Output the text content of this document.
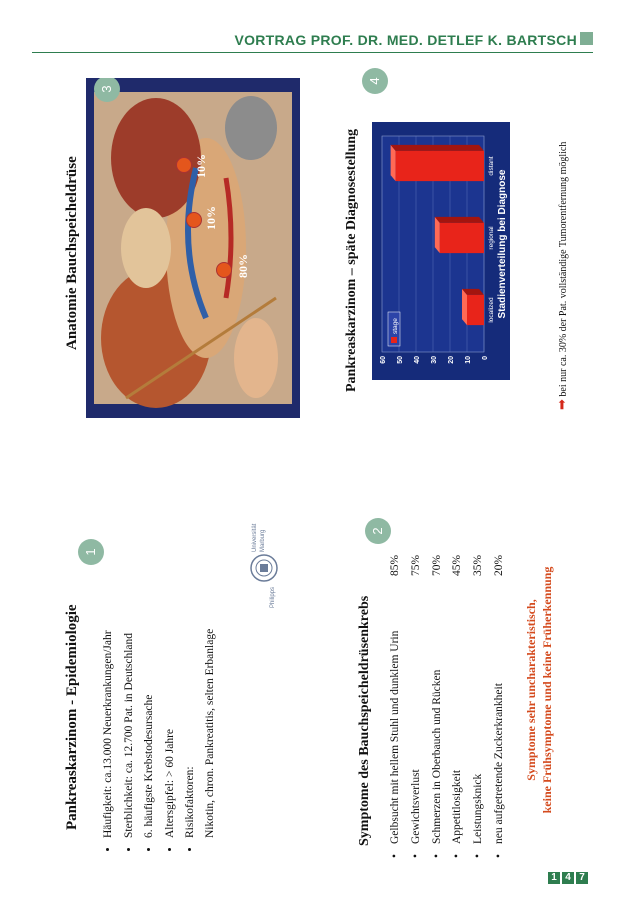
VORTRAG PROF. DR. MED. DETLEF K. BARTSCH
1
Pankreaskarzinom - Epidemiologie	• Häufigkeit: ca.13.000 Neuerkrankungen/Jahr • Sterblichkeit: ca. 12.700 Pat. in Deutschland • 6. häufigste Krebstodesursache • Altersgipfel: > 60 Jahre • Risikofaktoren: Nikotin, chron. Pankreatitis, selten Erbanlage
Philipps
Universität Marburg	2
Symptome des Bauchspeicheldrüsenkrebs	• Gelbsucht mit hellem Stuhl und dunklem Urin
85%
• Gewichtsverlust
75%
• Schmerzen in Oberbauch und Rücken
70%
• Appetitlosigkeit
45%
• Leistungsknick
35%
• neu aufgetretende Zuckerkrankheit
20%
Symptome sehr uncharakteristisch, keine Frühsymptome und keine Früherkennung
Anatomie Bauchspeicheldrüse	80%
10%
10%
3
4
Pankreaskarzinom – späte Diagnosestellung	0
10
20
30
40
50
60
localized
regional
distant
stage
Stadienverteilung bei Diagnose
➡ bei nur ca. 30% der Pat. vollständige Tumorentfernung möglich
1 4 7
